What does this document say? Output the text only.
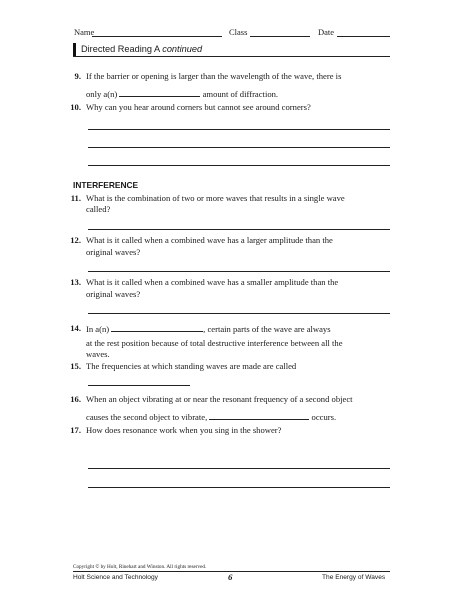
Name	Class	Date
Directed Reading A continued
9. If the barrier or opening is larger than the wavelength of the wave, there is
only a(n)	amount of diffraction.
10. Why can you hear around corners but cannot see around corners?
INTERFERENCE
11. What is the combination of two or more waves that results in a single wave
called?
12. What is it called when a combined wave has a larger amplitude than the
original waves?
13. What is it called when a combined wave has a smaller amplitude than the
original waves?
14. In a(n)	, certain parts of the wave are always
at the rest position because of total destructive interference between all the
waves.
15. The frequencies at which standing waves are made are called
16. When an object vibrating at or near the resonant frequency of a second object
causes the second object to vibrate,	occurs.
17. How does resonance work when you sing in the shower?
Copyright © by Holt, Rinehart and Winston. All rights reserved.
Holt Science and Technology	6	The Energy of Waves
